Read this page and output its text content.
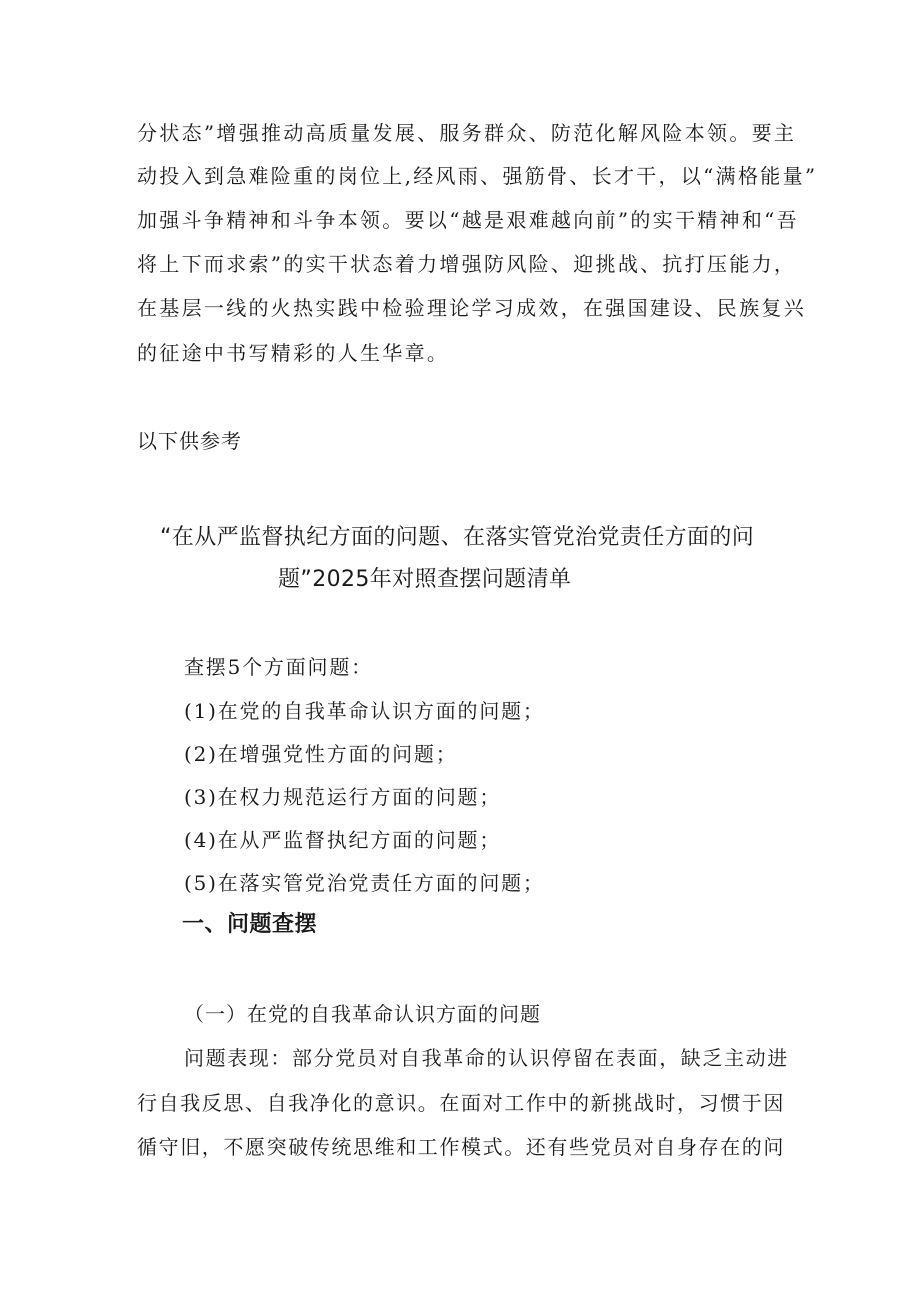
分状态”增强推动高质量发展、服务群众、防范化解风险本领。要主
动投入到急难险重的岗位上,经风雨、强筋骨、长才干，以“满格能量”
加强斗争精神和斗争本领。要以“越是艰难越向前”的实干精神和“吾
将上下而求索”的实干状态着力增强防风险、迎挑战、抗打压能力，
在基层一线的火热实践中检验理论学习成效，在强国建设、民族复兴
的征途中书写精彩的人生华章。
以下供参考
“在从严监督执纪方面的问题、在落实管党治党责任方面的问
题”2025年对照查摆问题清单
查摆5个方面问题：
(1)在党的自我革命认识方面的问题；
(2)在增强党性方面的问题；
(3)在权力规范运行方面的问题；
(4)在从严监督执纪方面的问题；
(5)在落实管党治党责任方面的问题；
一、问题查摆
（一）在党的自我革命认识方面的问题
问题表现：部分党员对自我革命的认识停留在表面，缺乏主动进
行自我反思、自我净化的意识。在面对工作中的新挑战时，习惯于因
循守旧，不愿突破传统思维和工作模式。还有些党员对自身存在的问
